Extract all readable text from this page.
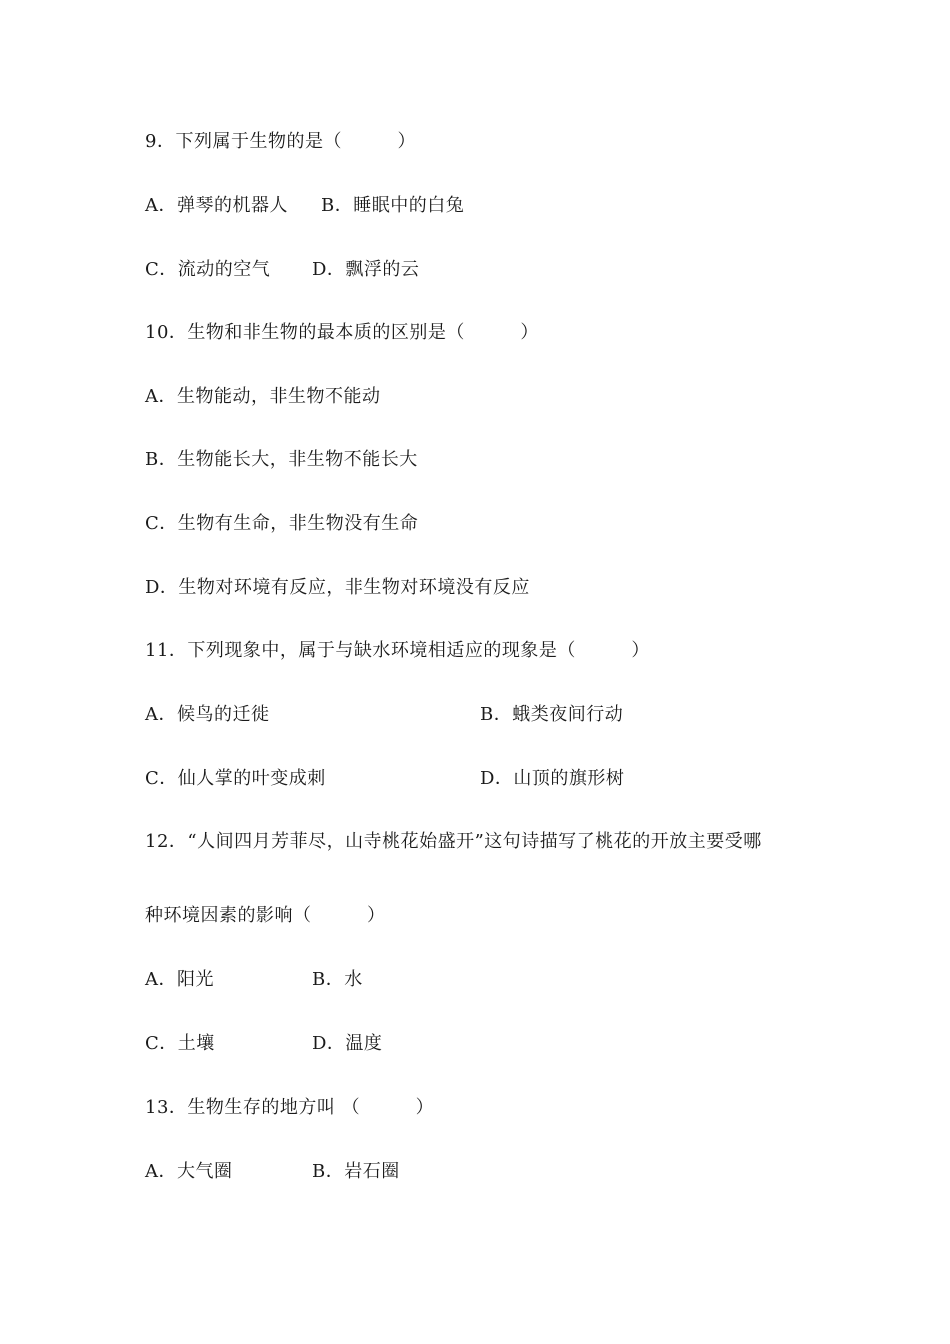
9．下列属于生物的是（　　　）
A．弹琴的机器人 B．睡眠中的白兔
C．流动的空气 D．飘浮的云
10．生物和非生物的最本质的区别是（　　　）
A．生物能动，非生物不能动
B．生物能长大，非生物不能长大
C．生物有生命，非生物没有生命
D．生物对环境有反应，非生物对环境没有反应
11．下列现象中，属于与缺水环境相适应的现象是（　　　）
A．候鸟的迁徙	B．蛾类夜间行动
C．仙人掌的叶变成刺	D．山顶的旗形树
12．“人间四月芳菲尽，山寺桃花始盛开”这句诗描写了桃花的开放主要受哪
种环境因素的影响（　　　）
A．阳光	B．水
C．土壤	D．温度
13．生物生存的地方叫 （　　　）
A．大气圈	B．岩石圈
